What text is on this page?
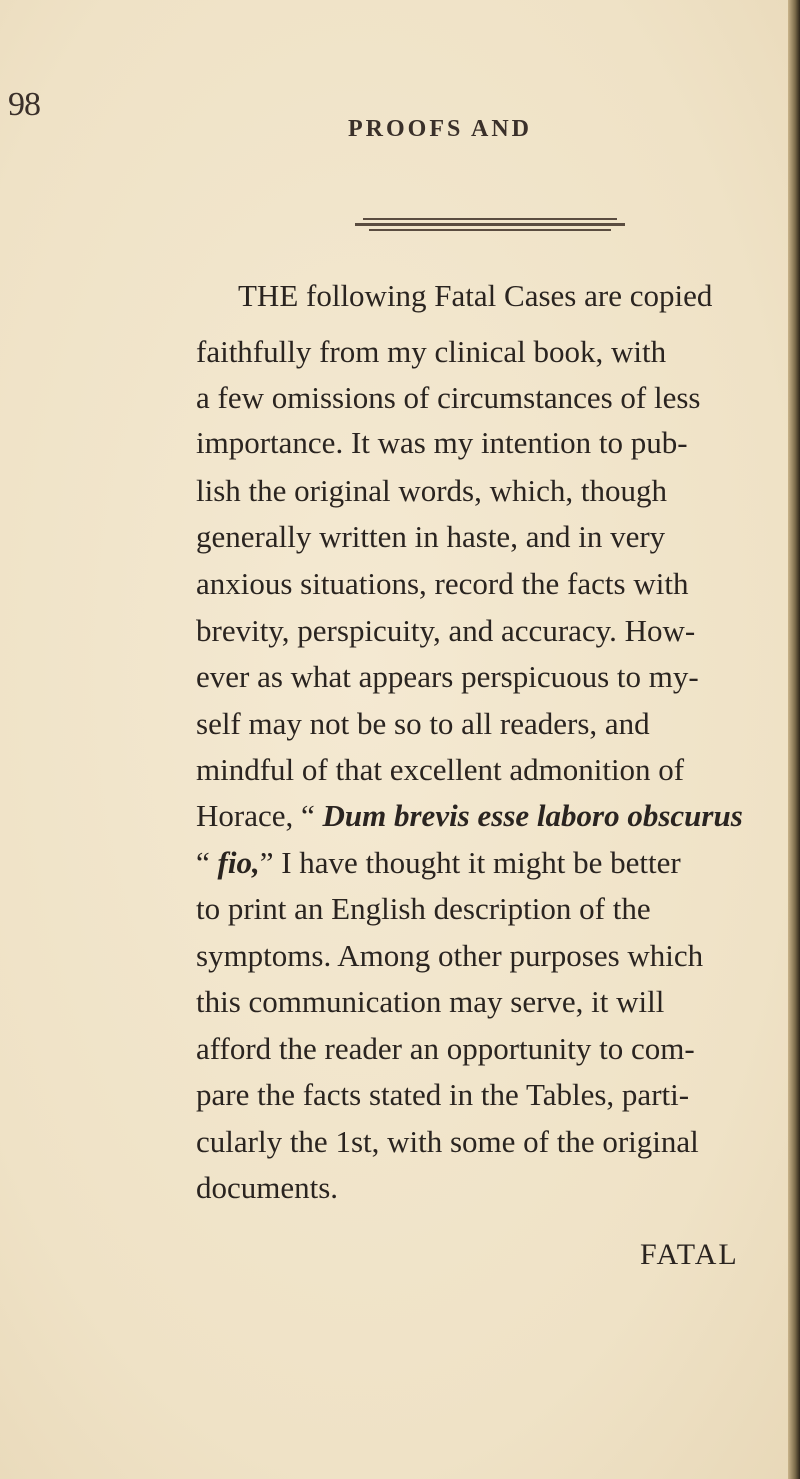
98
PROOFS AND
THE following Fatal Cases are copied
faithfully from my clinical book, with
a few omissions of circumstances of less
importance. It was my intention to pub-
lish the original words, which, though
generally written in haste, and in very
anxious situations, record the facts with
brevity, perspicuity, and accuracy. How-
ever as what appears perspicuous to my-
self may not be so to all readers, and
mindful of that excellent admonition of
Horace, “ Dum brevis esse laboro obscurus
“ fio,” I have thought it might be better
to print an English description of the
symptoms. Among other purposes which
this communication may serve, it will
afford the reader an opportunity to com-
pare the facts stated in the Tables, parti-
cularly the 1st, with some of the original
documents.
FATAL
